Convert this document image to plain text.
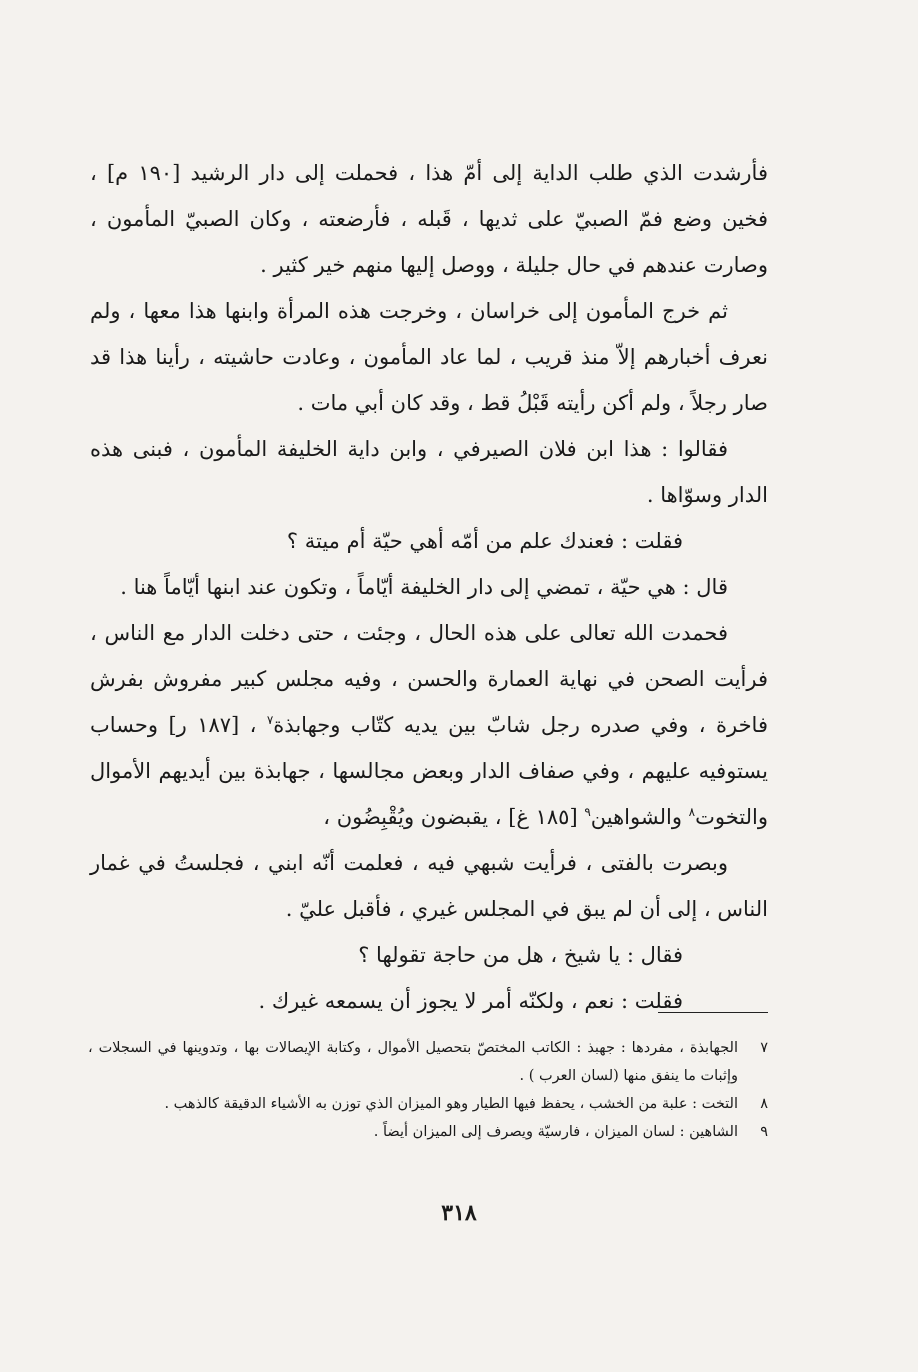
فأرشدت الذي طلب الداية إلى أمّ هذا ، فحملت إلى دار الرشيد [١٩٠ م] ، فخين وضع فمّ الصبيّ على ثديها ، قَبله ، فأرضعته ، وكان الصبيّ المأمون ، وصارت عندهم في حال جليلة ، ووصل إليها منهم خير كثير .

ثم خرج المأمون إلى خراسان ، وخرجت هذه المرأة وابنها هذا معها ، ولم نعرف أخبارهم إلاّ منذ قريب ، لما عاد المأمون ، وعادت حاشيته ، رأينا هذا قد صار رجلاً ، ولم أكن رأيته قَبْلُ قط ، وقد كان أبي مات .

فقالوا : هذا ابن فلان الصيرفي ، وابن داية الخليفة المأمون ، فبنى هذه الدار وسوّاها .

فقلت : فعندك علم من أمّه أهي حيّة أم ميتة ؟

قال : هي حيّة ، تمضي إلى دار الخليفة أيّاماً ، وتكون عند ابنها أيّاماً هنا .

فحمدت الله تعالى على هذه الحال ، وجئت ، حتى دخلت الدار مع الناس ، فرأيت الصحن في نهاية العمارة والحسن ، وفيه مجلس كبير مفروش بفرش فاخرة ، وفي صدره رجل شابّ بين يديه كتّاب وجهابذة$^٧$ ، [١٨٧ ر] وحساب يستوفيه عليهم ، وفي صفاف الدار وبعض مجالسها ، جهابذة بين أيديهم الأموال والتخوت$^٨$ والشواهين$^٩$ [١٨٥ غ] ، يقبضون ويُقْبِضُون ،

وبصرت بالفتى ، فرأيت شبهي فيه ، فعلمت أنّه ابني ، فجلستُ في غمار الناس ، إلى أن لم يبق في المجلس غيري ، فأقبل عليّ .

فقال : يا شيخ ، هل من حاجة تقولها ؟

فقلت : نعم ، ولكنّه أمر لا يجوز أن يسمعه غيرك .

٧
الجهابذة ، مفردها : جهبذ : الكاتب المختصّ بتحصيل الأموال ، وكتابة الإيصالات بها ، وتدوينها في السجلات ، وإثبات ما ينفق منها (لسان العرب ) .
٨
التخت : علبة من الخشب ، يحفظ فيها الطيار وهو الميزان الذي توزن به الأشياء الدقيقة كالذهب .
٩
الشاهين : لسان الميزان ، فارسيّة ويصرف إلى الميزان أيضاً .
٣١٨
